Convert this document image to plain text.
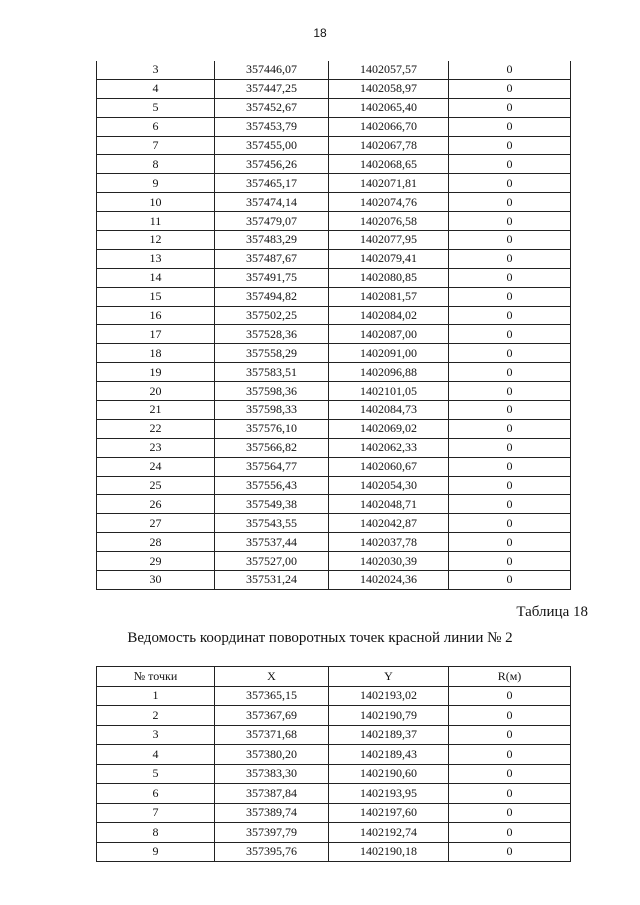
18
3	357446,07	1402057,57	0
4	357447,25	1402058,97	0
5	357452,67	1402065,40	0
6	357453,79	1402066,70	0
7	357455,00	1402067,78	0
8	357456,26	1402068,65	0
9	357465,17	1402071,81	0
10	357474,14	1402074,76	0
11	357479,07	1402076,58	0
12	357483,29	1402077,95	0
13	357487,67	1402079,41	0
14	357491,75	1402080,85	0
15	357494,82	1402081,57	0
16	357502,25	1402084,02	0
17	357528,36	1402087,00	0
18	357558,29	1402091,00	0
19	357583,51	1402096,88	0
20	357598,36	1402101,05	0
21	357598,33	1402084,73	0
22	357576,10	1402069,02	0
23	357566,82	1402062,33	0
24	357564,77	1402060,67	0
25	357556,43	1402054,30	0
26	357549,38	1402048,71	0
27	357543,55	1402042,87	0
28	357537,44	1402037,78	0
29	357527,00	1402030,39	0
30	357531,24	1402024,36	0
Таблица 18
Ведомость координат поворотных точек красной линии № 2
№ точки	X	Y	R(м)
1	357365,15	1402193,02	0
2	357367,69	1402190,79	0
3	357371,68	1402189,37	0
4	357380,20	1402189,43	0
5	357383,30	1402190,60	0
6	357387,84	1402193,95	0
7	357389,74	1402197,60	0
8	357397,79	1402192,74	0
9	357395,76	1402190,18	0
